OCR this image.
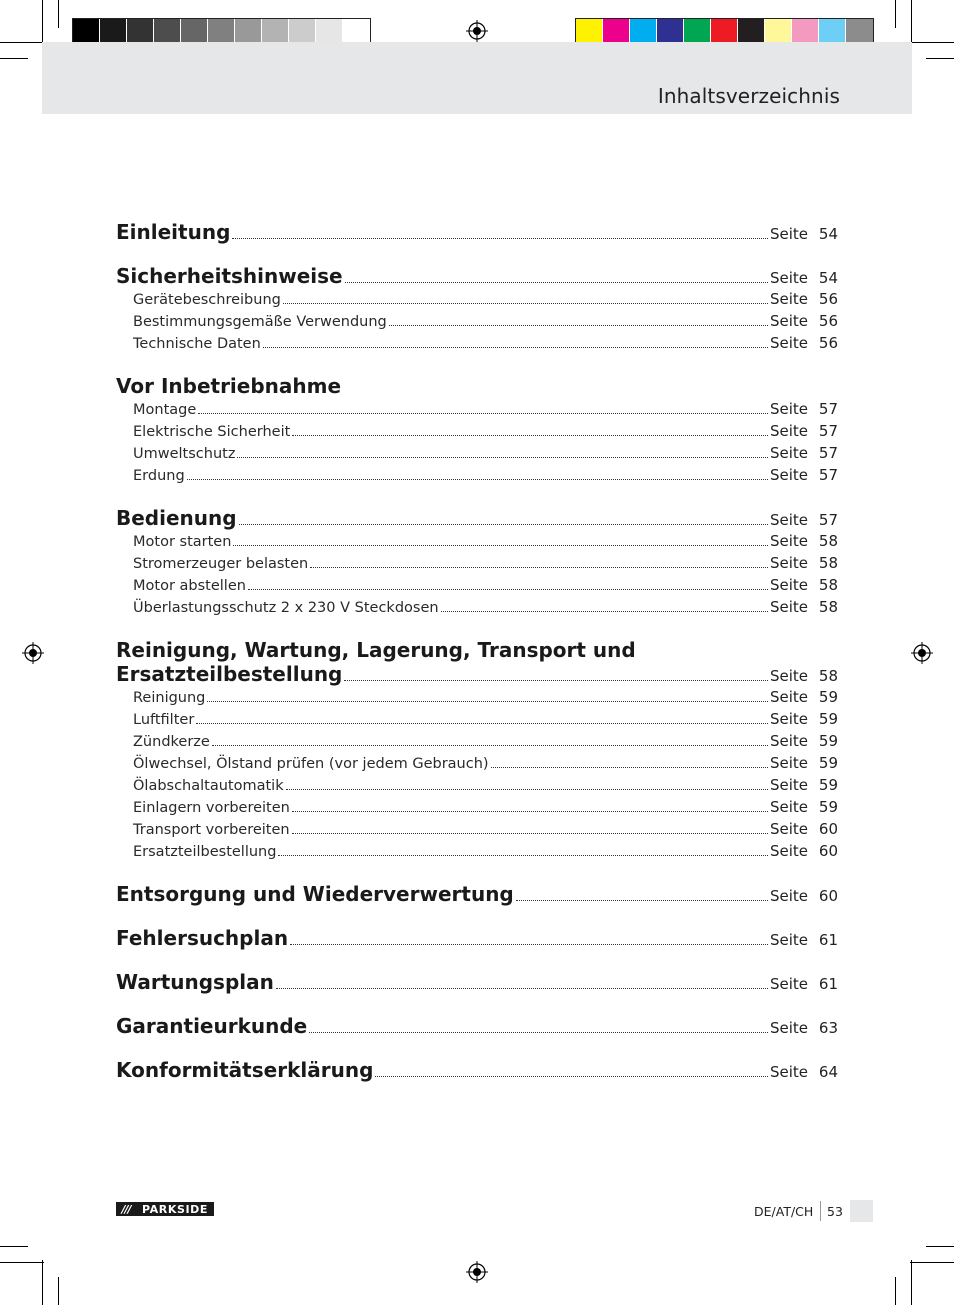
Inhaltsverzeichnis
Einleitung	Seite 54
Sicherheitshinweise	Seite 54
Gerätebeschreibung	Seite 56
Bestimmungsgemäße Verwendung	Seite 56
Technische Daten	Seite 56
Vor Inbetriebnahme
Montage	Seite 57
Elektrische Sicherheit	Seite 57
Umweltschutz	Seite 57
Erdung	Seite 57
Bedienung	Seite 57
Motor starten	Seite 58
Stromerzeuger belasten	Seite 58
Motor abstellen	Seite 58
Überlastungsschutz 2 x 230 V Steckdosen	Seite 58
Reinigung, Wartung, Lagerung, Transport und
Ersatzteilbestellung	Seite 58
Reinigung	Seite 59
Luftfilter	Seite 59
Zündkerze	Seite 59
Ölwechsel, Ölstand prüfen (vor jedem Gebrauch)	Seite 59
Ölabschaltautomatik	Seite 59
Einlagern vorbereiten	Seite 59
Transport vorbereiten	Seite 60
Ersatzteilbestellung	Seite 60
Entsorgung und Wiederverwertung	Seite 60
Fehlersuchplan	Seite 61
Wartungsplan	Seite 61
Garantieurkunde	Seite 63
Konformitätserklärung	Seite 64
///	PARKSIDE	DE/AT/CH 53
